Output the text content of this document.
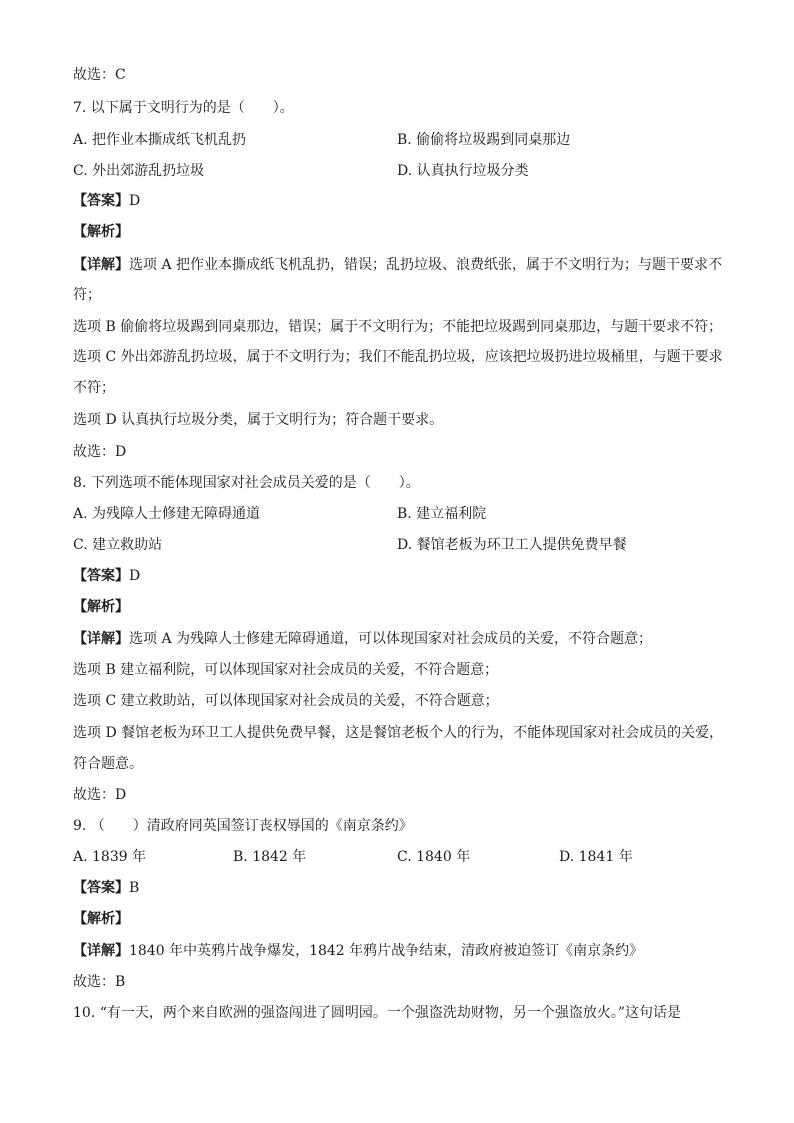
故选：C
7. 以下属于文明行为的是（　　）。
A. 把作业本撕成纸飞机乱扔	B. 偷偷将垃圾踢到同桌那边
C. 外出郊游乱扔垃圾	D. 认真执行垃圾分类
【答案】D
【解析】
【详解】选项 A 把作业本撕成纸飞机乱扔，错误；乱扔垃圾、浪费纸张，属于不文明行为；与题干要求不
符；
选项 B 偷偷将垃圾踢到同桌那边，错误；属于不文明行为；不能把垃圾踢到同桌那边，与题干要求不符；
选项 C 外出郊游乱扔垃圾，属于不文明行为；我们不能乱扔垃圾，应该把垃圾扔进垃圾桶里，与题干要求
不符；
选项 D 认真执行垃圾分类，属于文明行为；符合题干要求。
故选：D
8. 下列选项不能体现国家对社会成员关爱的是（　　）。
A. 为残障人士修建无障碍通道	B. 建立福利院
C. 建立救助站	D. 餐馆老板为环卫工人提供免费早餐
【答案】D
【解析】
【详解】选项 A 为残障人士修建无障碍通道，可以体现国家对社会成员的关爱，不符合题意；
选项 B 建立福利院，可以体现国家对社会成员的关爱，不符合题意；
选项 C 建立救助站，可以体现国家对社会成员的关爱，不符合题意；
选项 D 餐馆老板为环卫工人提供免费早餐，这是餐馆老板个人的行为，不能体现国家对社会成员的关爱，
符合题意。
故选：D
9. （　　）清政府同英国签订丧权辱国的《南京条约》
A. 1839 年	B. 1842 年	C. 1840 年	D. 1841 年
【答案】B
【解析】
【详解】1840 年中英鸦片战争爆发，1842 年鸦片战争结束，清政府被迫签订《南京条约》
故选：B
10. “有一天，两个来自欧洲的强盗闯进了圆明园。一个强盗洗劫财物，另一个强盗放火。”这句话是
